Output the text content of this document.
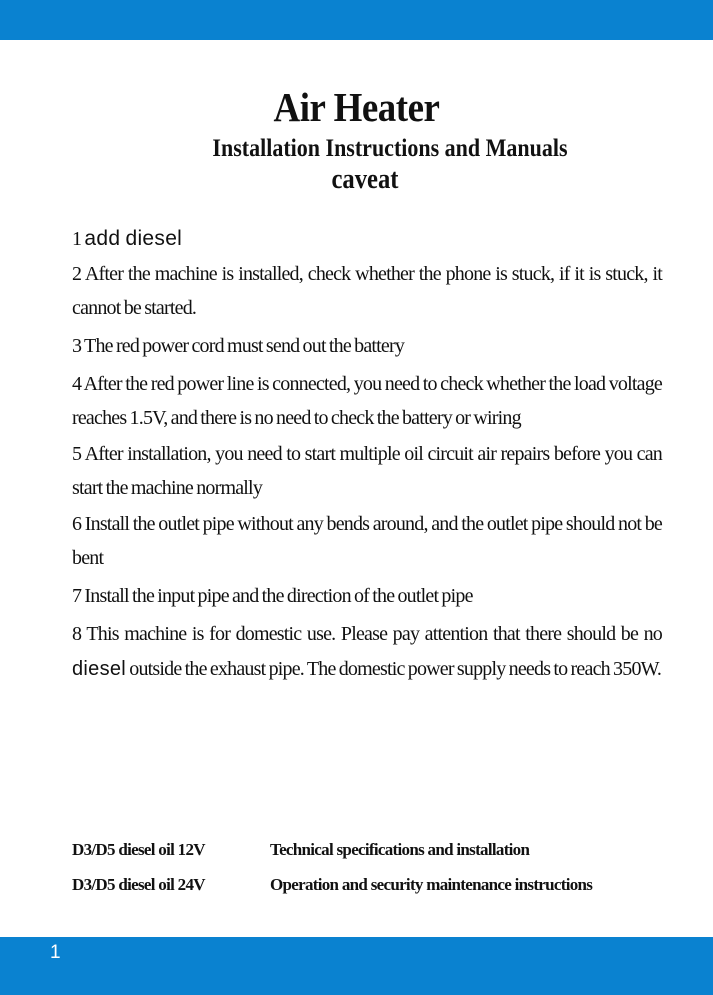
Air Heater
Installation Instructions and Manuals
caveat
1 add diesel
2 After the machine is installed, check whether the phone is stuck, if it is stuck, it cannot be started.
3 The red power cord must send out the battery
4 After the red power line is connected, you need to check whether the load voltage reaches 1.5V, and there is no need to check the battery or wiring
5 After installation, you need to start multiple oil circuit air repairs before you can start the machine normally
6 Install the outlet pipe without any bends around, and the outlet pipe should not be bent
7 Install the input pipe and the direction of the outlet pipe
8 This machine is for domestic use. Please pay attention that there should be no diesel outside the exhaust pipe. The domestic power supply needs to reach 350W.
D3/D5 diesel oil 12V	Technical specifications and installation
D3/D5 diesel oil 24V	Operation and security maintenance instructions
1
